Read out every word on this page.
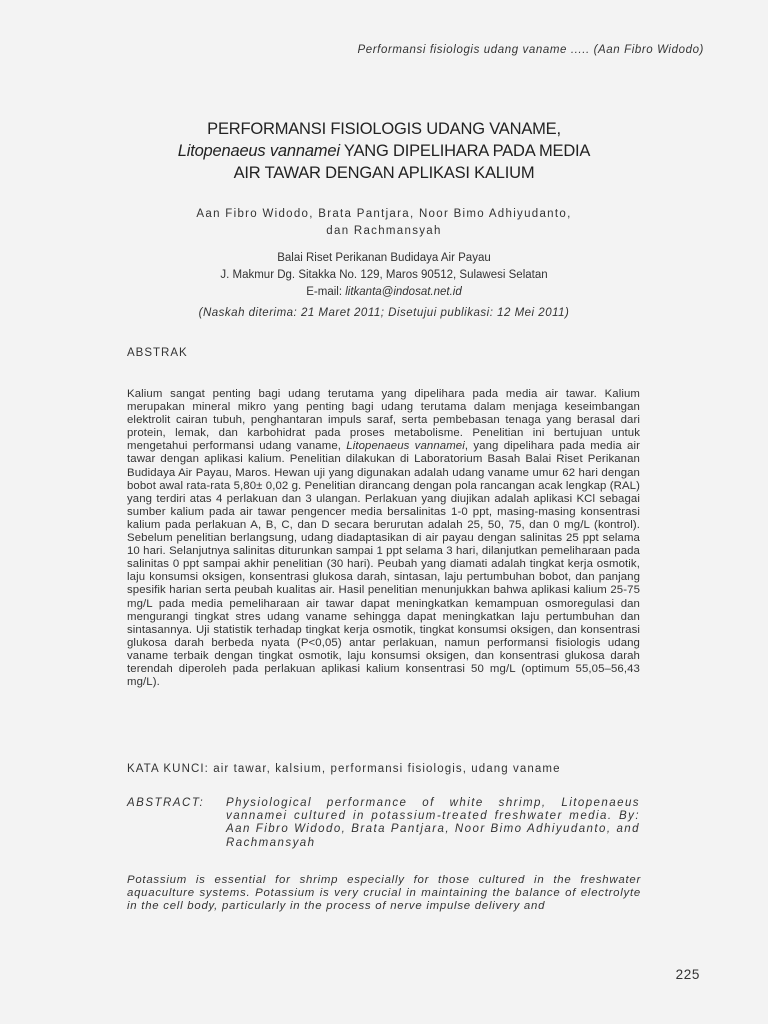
Performansi fisiologis udang vaname ..... (Aan Fibro Widodo)
PERFORMANSI FISIOLOGIS UDANG VANAME,
Litopenaeus vannamei YANG DIPELIHARA PADA MEDIA
AIR TAWAR DENGAN APLIKASI KALIUM
Aan Fibro Widodo, Brata Pantjara, Noor Bimo Adhiyudanto,
dan Rachmansyah
Balai Riset Perikanan Budidaya Air Payau
J. Makmur Dg. Sitakka No. 129, Maros 90512, Sulawesi Selatan
E-mail: litkanta@indosat.net.id
(Naskah diterima: 21 Maret 2011; Disetujui publikasi: 12 Mei 2011)
ABSTRAK
Kalium sangat penting bagi udang terutama yang dipelihara pada media air tawar. Kalium merupakan mineral mikro yang penting bagi udang terutama dalam menjaga keseimbangan elektrolit cairan tubuh, penghantaran impuls saraf, serta pembebasan tenaga yang berasal dari protein, lemak, dan karbohidrat pada proses metabolisme. Penelitian ini bertujuan untuk mengetahui performansi udang vaname, Litopenaeus vannamei, yang dipelihara pada media air tawar dengan aplikasi kalium. Penelitian dilakukan di Laboratorium Basah Balai Riset Perikanan Budidaya Air Payau, Maros. Hewan uji yang digunakan adalah udang vaname umur 62 hari dengan bobot awal rata-rata 5,80± 0,02 g. Penelitian dirancang dengan pola rancangan acak lengkap (RAL) yang terdiri atas 4 perlakuan dan 3 ulangan. Perlakuan yang diujikan adalah aplikasi KCl sebagai sumber kalium pada air tawar pengencer media bersalinitas 1-0 ppt, masing-masing konsentrasi kalium pada perlakuan A, B, C, dan D secara berurutan adalah 25, 50, 75, dan 0 mg/L (kontrol). Sebelum penelitian berlangsung, udang diadaptasikan di air payau dengan salinitas 25 ppt selama 10 hari. Selanjutnya salinitas diturunkan sampai 1 ppt selama 3 hari, dilanjutkan pemeliharaan pada salinitas 0 ppt sampai akhir penelitian (30 hari). Peubah yang diamati adalah tingkat kerja osmotik, laju konsumsi oksigen, konsentrasi glukosa darah, sintasan, laju pertumbuhan bobot, dan panjang spesifik harian serta peubah kualitas air. Hasil penelitian menunjukkan bahwa aplikasi kalium 25-75 mg/L pada media pemeliharaan air tawar dapat meningkatkan kemampuan osmoregulasi dan mengurangi tingkat stres udang vaname sehingga dapat meningkatkan laju pertumbuhan dan sintasannya. Uji statistik terhadap tingkat kerja osmotik, tingkat konsumsi oksigen, dan konsentrasi glukosa darah berbeda nyata (P<0,05) antar perlakuan, namun performansi fisiologis udang vaname terbaik dengan tingkat osmotik, laju konsumsi oksigen, dan konsentrasi glukosa darah terendah diperoleh pada perlakuan aplikasi kalium konsentrasi 50 mg/L (optimum 55,05–56,43 mg/L).
KATA KUNCI: air tawar, kalsium, performansi fisiologis, udang vaname
ABSTRACT: Physiological performance of white shrimp, Litopenaeus vannamei cultured in potassium-treated freshwater media. By: Aan Fibro Widodo, Brata Pantjara, Noor Bimo Adhiyudanto, and Rachmansyah
Potassium is essential for shrimp especially for those cultured in the freshwater aquaculture systems. Potassium is very crucial in maintaining the balance of electrolyte in the cell body, particularly in the process of nerve impulse delivery and
225
